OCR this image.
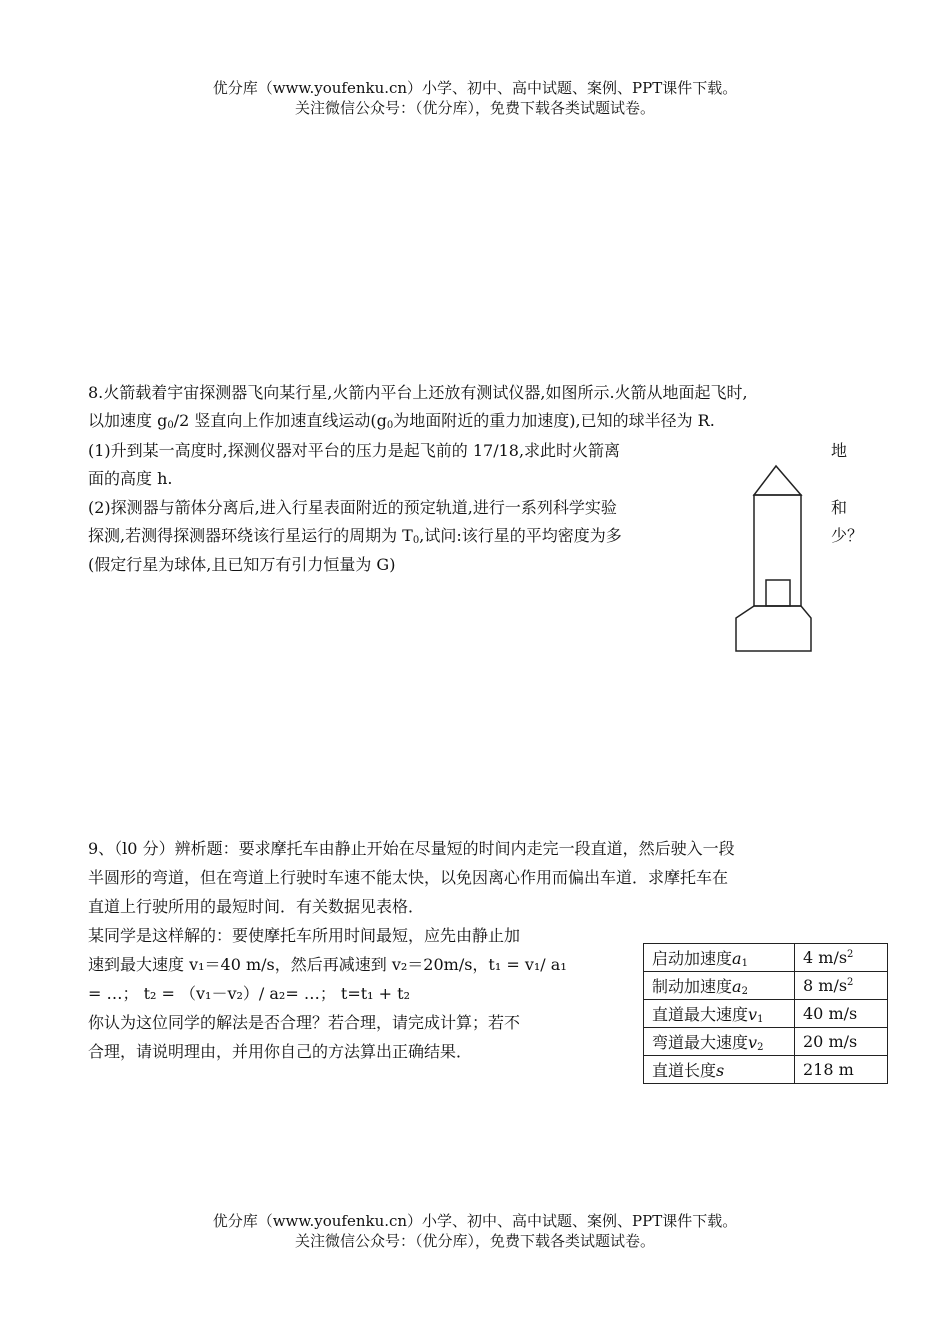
优分库（www.youfenku.cn）小学、初中、高中试题、案例、PPT课件下载。
关注微信公众号：（优分库），免费下载各类试题试卷。
8.火箭载着宇宙探测器飞向某行星,火箭内平台上还放有测试仪器,如图所示.火箭从地面起飞时,
以加速度 $g_0/2$ 竖直向上作加速直线运动($g_0$为地面附近的重力加速度),已知的球半径为 R.
(1)升到某一高度时,探测仪器对平台的压力是起飞前的 17/18,求此时火箭离	地
面的高度 h.
(2)探测器与箭体分离后,进入行星表面附近的预定轨道,进行一系列科学实验	和
探测,若测得探测器环绕该行星运行的周期为 $T_0$,试问:该行星的平均密度为多	少？
(假定行星为球体,且已知万有引力恒量为 G)
9、（l0 分）辨析题：要求摩托车由静止开始在尽量短的时间内走完一段直道，然后驶入一段
半圆形的弯道，但在弯道上行驶时车速不能太快，以免因离心作用而偏出车道．求摩托车在
直道上行驶所用的最短时间．有关数据见表格．
某同学是这样解的：要使摩托车所用时间最短，应先由静止加
速到最大速度 v₁＝40 m/s，然后再减速到 v₂＝20m/s，t₁ = v₁/ a₁
= …； t₂ = （v₁－v₂）/ a₂= …； t=t₁ + t₂
你认为这位同学的解法是否合理？若合理，请完成计算；若不
合理，请说明理由，并用你自己的方法算出正确结果．
启动加速度$a_1$	4 $m/s^2$
制动加速度$a_2$	8 $m/s^2$
直道最大速度$v_1$	40 m/s
弯道最大速度$v_2$	20 m/s
直道长度s	218 m
优分库（www.youfenku.cn）小学、初中、高中试题、案例、PPT课件下载。
关注微信公众号：（优分库），免费下载各类试题试卷。
